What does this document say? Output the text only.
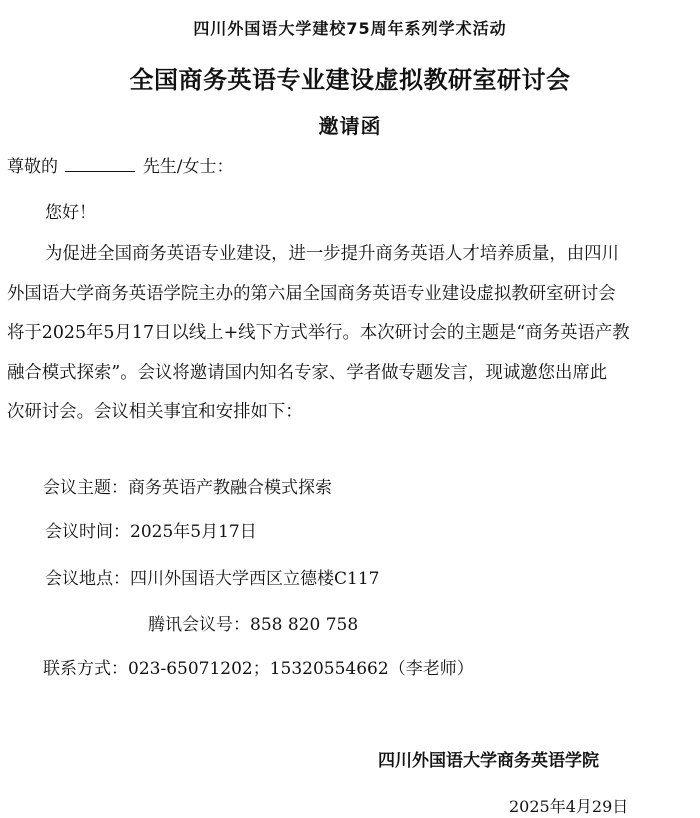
四川外国语大学建校75周年系列学术活动
全国商务英语专业建设虚拟教研室研讨会
邀请函
尊敬的	先生/女士：
您好！
为促进全国商务英语专业建设，进一步提升商务英语人才培养质量，由四川
外国语大学商务英语学院主办的第六届全国商务英语专业建设虚拟教研室研讨会
将于2025年5月17日以线上+线下方式举行。本次研讨会的主题是“商务英语产教
融合模式探索”。会议将邀请国内知名专家、学者做专题发言，现诚邀您出席此
次研讨会。会议相关事宜和安排如下：
会议主题：商务英语产教融合模式探索
会议时间：2025年5月17日
会议地点：四川外国语大学西区立德楼C117
腾讯会议号：858 820 758
联系方式：023-65071202；15320554662（李老师）
四川外国语大学商务英语学院
2025年4月29日
